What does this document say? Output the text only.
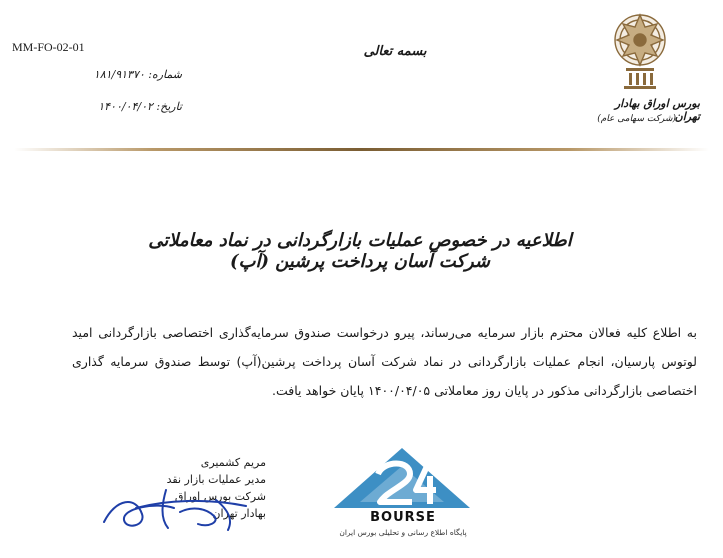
MM-FO-02-01
شماره: ۱۸۱/۹۱۳۷۰
تاریخ: ۱۴۰۰/۰۴/۰۲
بسمه تعالی
بورس اوراق بهادار تهران
(شرکت سهامی عام)
اطلاعیه در خصوص عملیات بازارگردانی در نماد معاملاتی شرکت آسان پرداخت پرشین (آپ)
به اطلاع کلیه فعالان محترم بازار سرمایه می‌رساند، پیرو درخواست صندوق سرمایه‌گذاری اختصاصی بازارگردانی امید لوتوس پارسیان، انجام عملیات بازارگردانی در نماد شرکت آسان پرداخت پرشین(آپ) توسط صندوق سرمایه گذاری اختصاصی بازارگردانی مذکور در پایان روز معاملاتی ۱۴۰۰/۰۴/۰۵ پایان خواهد یافت.
مریم کشمیری
مدیر عملیات بازار نقد
شرکت بورس اوراق بهادار تهران	BOURSE
پایگاه اطلاع رسانی و تحلیلی بورس ایران
